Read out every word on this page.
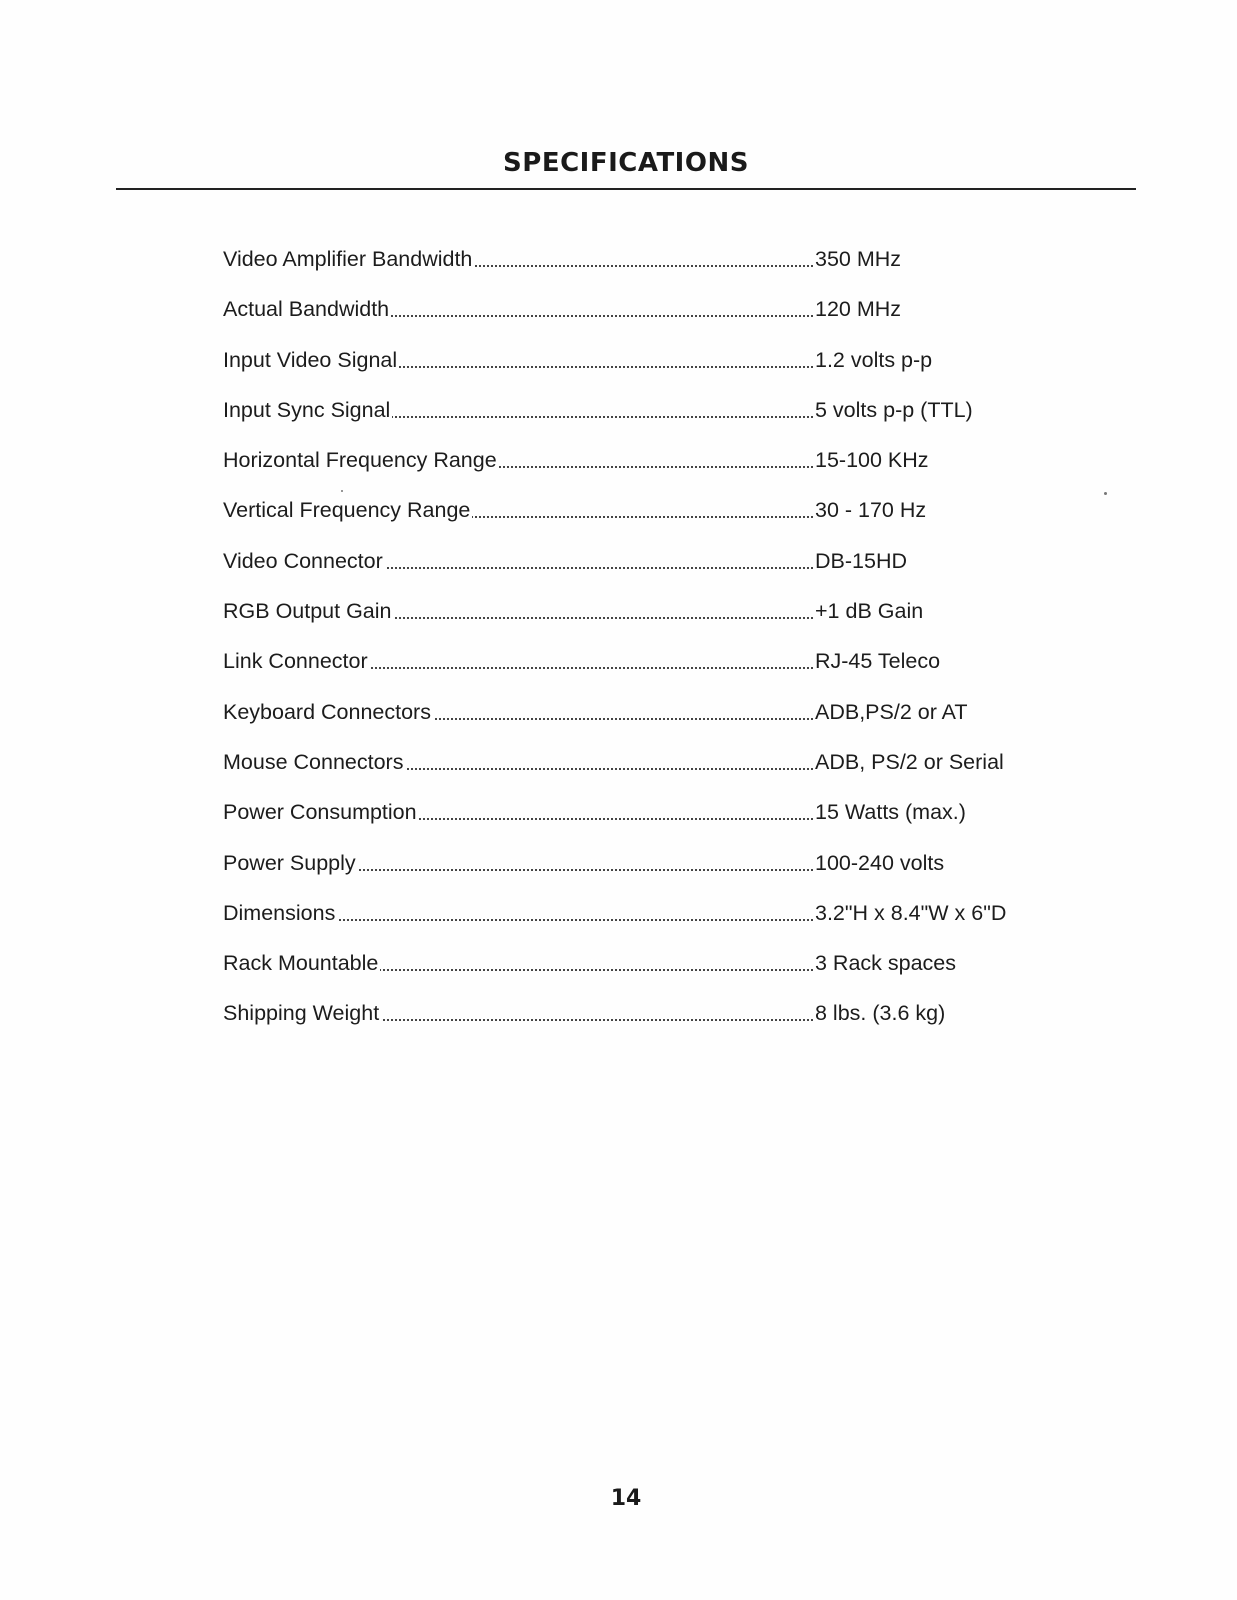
SPECIFICATIONS
Video Amplifier Bandwidth	350 MHz
Actual Bandwidth	120 MHz
Input Video Signal	1.2 volts p-p
Input Sync Signal	5 volts p-p (TTL)
Horizontal Frequency Range	15-100 KHz
Vertical Frequency Range	30 - 170 Hz
Video Connector	DB-15HD
RGB Output Gain	+1 dB Gain
Link Connector	RJ-45 Teleco
Keyboard Connectors	ADB,PS/2 or AT
Mouse Connectors	ADB, PS/2 or Serial
Power Consumption	15 Watts (max.)
Power Supply	100-240 volts
Dimensions	3.2"H x 8.4"W x 6"D
Rack Mountable	3 Rack spaces
Shipping Weight	8 lbs. (3.6 kg)
14
